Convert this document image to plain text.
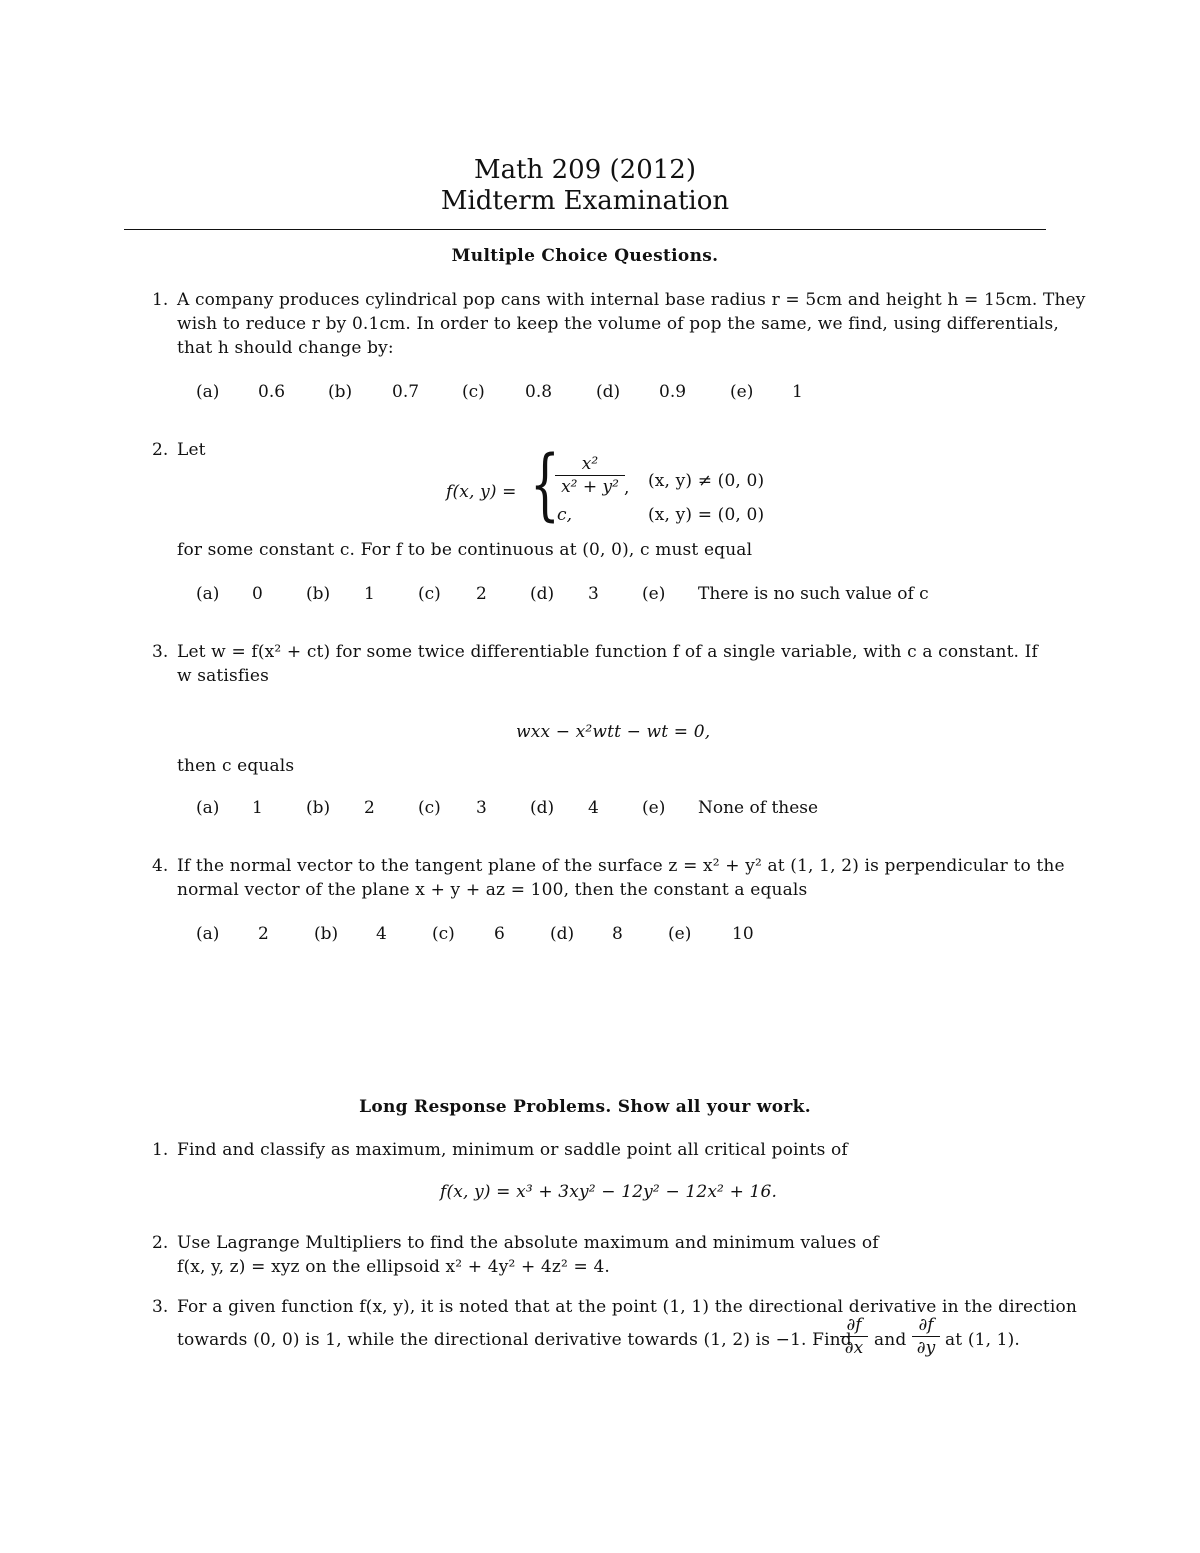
Math 209 (2012)
Midterm Examination
Multiple Choice Questions.
1. A company produces cylindrical pop cans with internal base radius r = 5cm and height h = 15cm. They
wish to reduce r by 0.1cm. In order to keep the volume of pop the same, we find, using differentials,
that h should change by:
(a) 0.6	(b) 0.7	(c) 0.8	(d) 0.9	(e) 1
2. Let
f(x, y) = {
$\frac{\text{x²}}{\text{x² + y²}}$ , (x, y) ≠ (0, 0)
c,	(x, y) = (0, 0)
for some constant c. For f to be continuous at (0, 0), c must equal
(a) 0	(b) 1	(c) 2	(d) 3	(e) There is no such value of c
3. Let w = f(x² + ct) for some twice differentiable function f of a single variable, with c a constant. If
w satisfies
wxx − x²wtt − wt = 0,
then c equals
(a) 1	(b) 2	(c) 3	(d) 4	(e) None of these
4. If the normal vector to the tangent plane of the surface z = x² + y² at (1, 1, 2) is perpendicular to the
normal vector of the plane x + y + az = 100, then the constant a equals
(a) 2	(b) 4	(c) 6	(d) 8	(e) 10
Long Response Problems. Show all your work.
1. Find and classify as maximum, minimum or saddle point all critical points of
f(x, y) = x³ + 3xy² − 12y² − 12x² + 16.
2. Use Lagrange Multipliers to find the absolute maximum and minimum values of
f(x, y, z) = xyz on the ellipsoid x² + 4y² + 4z² = 4.
3. For a given function f(x, y), it is noted that at the point (1, 1) the directional derivative in the direction
towards (0, 0) is 1, while the directional derivative towards (1, 2) is −1. Find
$\frac{\partial f}{\partial x}$ and $\frac{\partial f}{\partial y}$ at (1, 1).
